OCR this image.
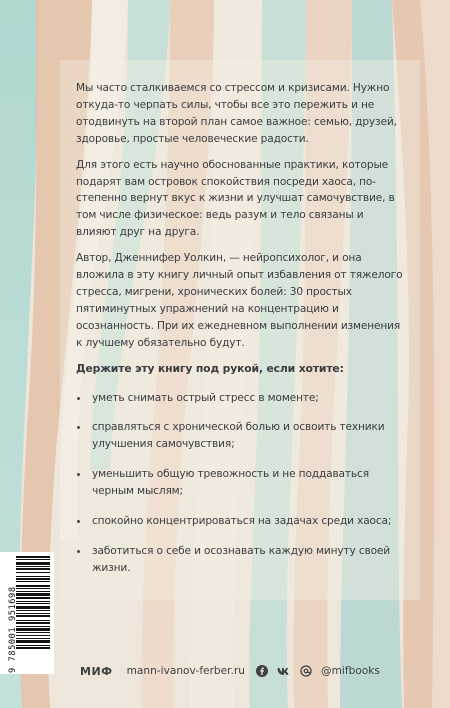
Мы часто сталкиваемся со стрессом и кризисами. Нужно откуда-то черпать силы, чтобы все это пережить и не отодвинуть на второй план самое важное: семью, друзей, здоровье, простые человеческие радости.

Для этого есть научно обоснованные практики, которые подарят вам островок спокойствия посреди хаоса, постепенно вернут вкус к жизни и улучшат самочувствие, в том числе физическое: ведь разум и тело связаны и влияют друг на друга.

Автор, Дженнифер Уолкин, — нейропсихолог, и она вложила в эту книгу личный опыт избавления от тяжелого стресса, мигрени, хронических болей: 30 простых пятиминутных упражнений на концентрацию и осознанность. При их ежедневном выполнении изменения к лучшему обязательно будут.

Держите эту книгу под рукой, если хотите:

уметь снимать острый стресс в моменте;
справляться с хронической болью и освоить техники улучшения самочувствия;
уменьшить общую тревожность и не поддаваться черным мыслям;
спокойно концентрироваться на задачах среди хаоса;
заботиться о себе и осознавать каждую минуту своей жизни.
9 785001 951698	МИФ mann-ivanov-ferber.ru	@mifbooks
